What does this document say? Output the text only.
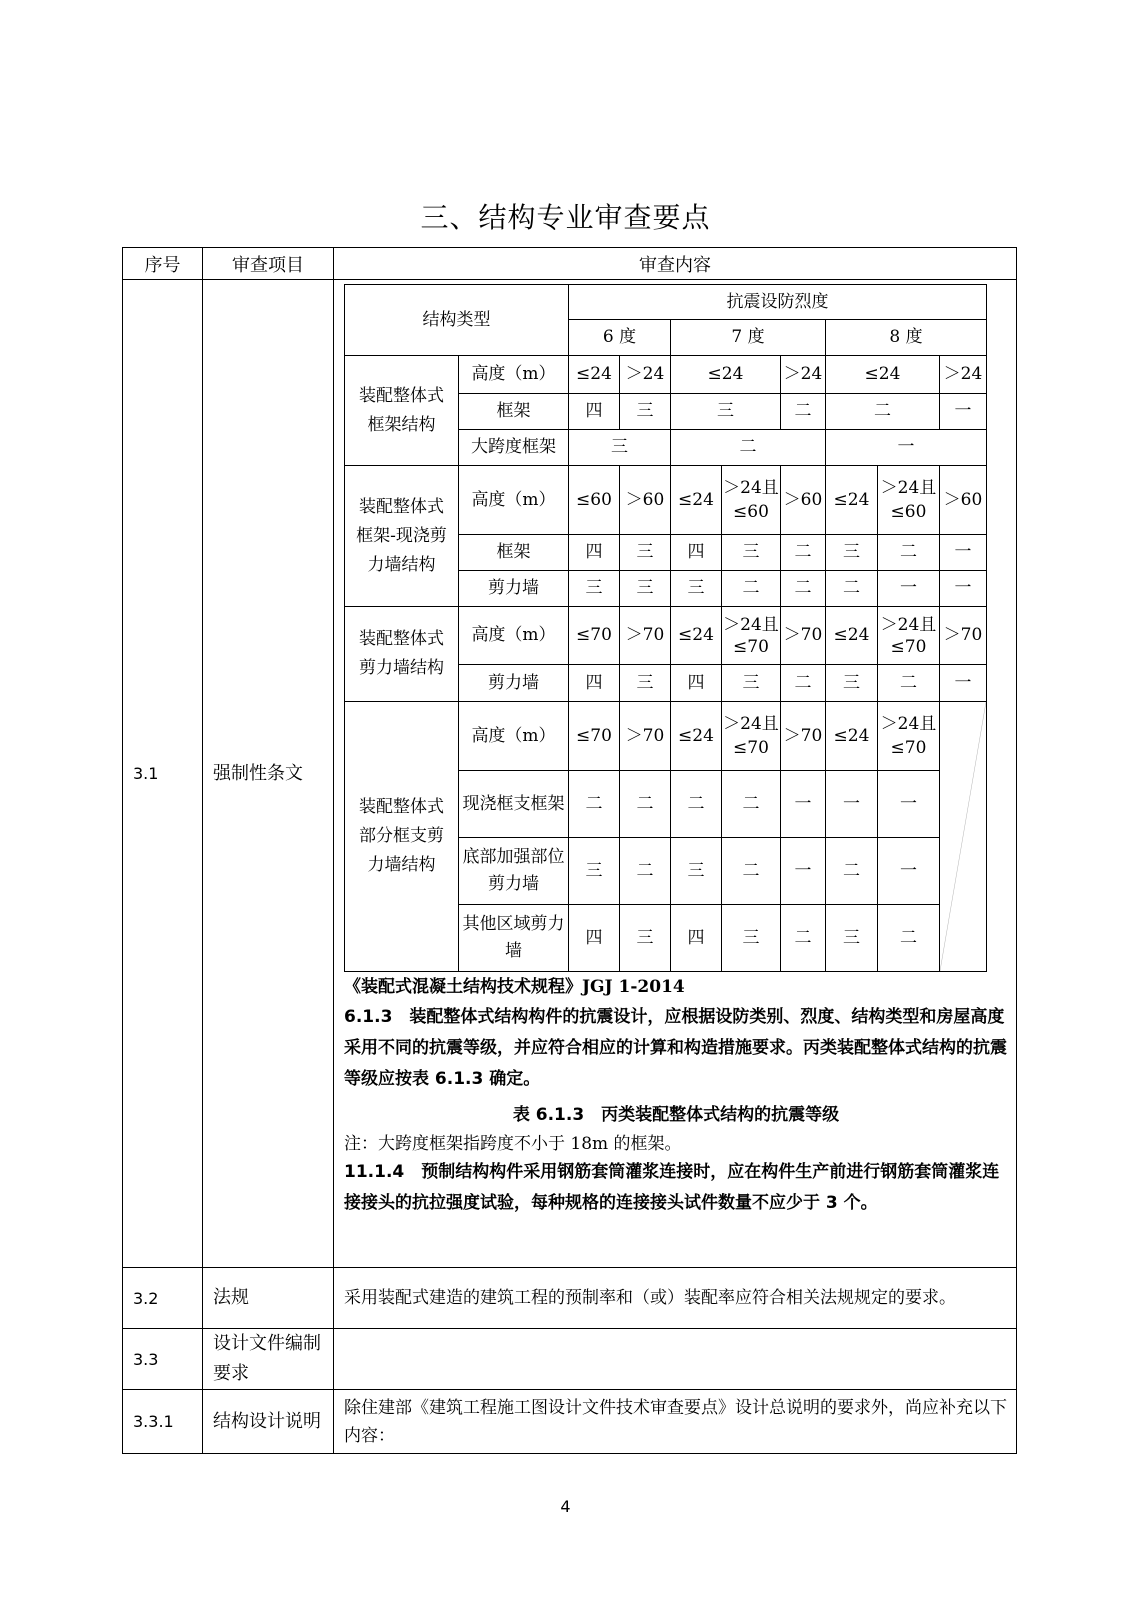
三、结构专业审查要点
序号	审查项目	审查内容
3.1	强制性条文	
结构类型	抗震设防烈度
6 度	7 度	8 度
装配整体式框架结构	高度（m）	≤24	＞24	≤24	＞24	≤24	＞24
框架	四	三	三	二	二	一
大跨度框架	三	二	一
装配整体式框架-现浇剪力墙结构	高度（m）	≤60	＞60	≤24	＞24且≤60	＞60	≤24	＞24且≤60	＞60
框架	四	三	四	三	二	三	二	一
剪力墙	三	三	三	二	二	二	一	一
装配整体式剪力墙结构	高度（m）	≤70	＞70	≤24	＞24且≤70	＞70	≤24	＞24且≤70	＞70
剪力墙	四	三	四	三	二	三	二	一
装配整体式部分框支剪力墙结构	高度（m）	≤70	＞70	≤24	＞24且≤70	＞70	≤24	＞24且≤70	

现浇框支框架	二	二	二	二	一	一	一
底部加强部位剪力墙	三	二	三	二	一	二	一
其他区域剪力墙	四	三	四	三	二	三	二
《装配式混凝土结构技术规程》JGJ 1-2014
6.1.3　装配整体式结构构件的抗震设计，应根据设防类别、烈度、结构类型和房屋高度采用不同的抗震等级，并应符合相应的计算和构造措施要求。丙类装配整体式结构的抗震等级应按表 6.1.3 确定。
表 6.1.3　丙类装配整体式结构的抗震等级
注：大跨度框架指跨度不小于 18m 的框架。
11.1.4　预制结构构件采用钢筋套筒灌浆连接时，应在构件生产前进行钢筋套筒灌浆连接接头的抗拉强度试验，每种规格的连接接头试件数量不应少于 3 个。

3.2	法规	采用装配式建造的建筑工程的预制率和（或）装配率应符合相关法规规定的要求。
3.3	设计文件编制要求	
3.3.1	结构设计说明	除住建部《建筑工程施工图设计文件技术审查要点》设计总说明的要求外，尚应补充以下内容：
4
